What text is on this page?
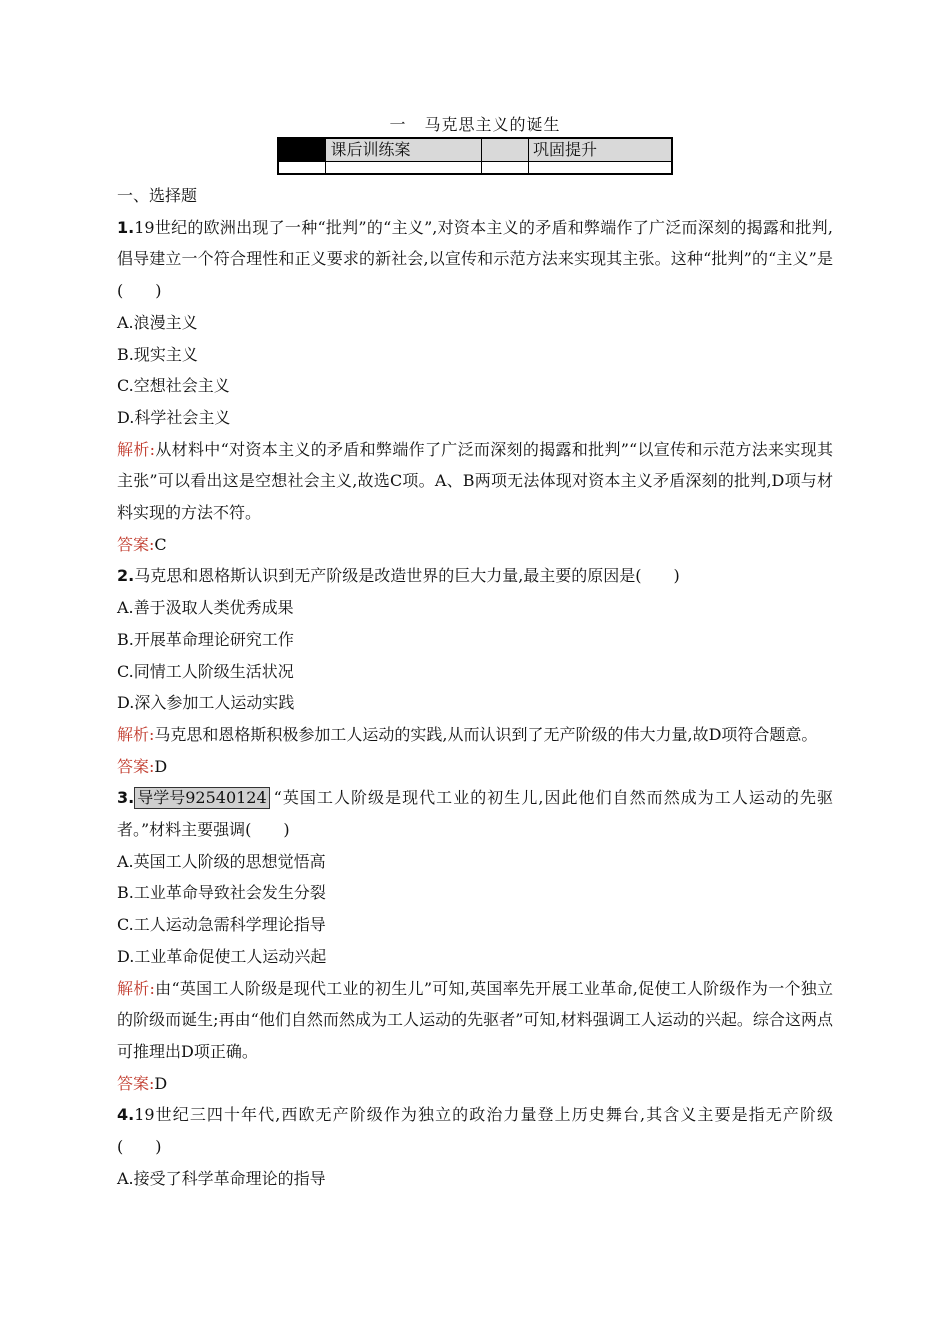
一 马克思主义的诞生
	课后训练案		巩固提升

一、选择题

1.19世纪的欧洲出现了一种“批判”的“主义”,对资本主义的矛盾和弊端作了广泛而深刻的揭露和批判,倡导建立一个符合理性和正义要求的新社会,以宣传和示范方法来实现其主张。这种“批判”的“主义”是(　　)

A.浪漫主义

B.现实主义

C.空想社会主义

D.科学社会主义

解析:从材料中“对资本主义的矛盾和弊端作了广泛而深刻的揭露和批判”“以宣传和示范方法来实现其主张”可以看出这是空想社会主义,故选C项。A、B两项无法体现对资本主义矛盾深刻的批判,D项与材料实现的方法不符。

答案:C

2.马克思和恩格斯认识到无产阶级是改造世界的巨大力量,最主要的原因是(　　)

A.善于汲取人类优秀成果

B.开展革命理论研究工作

C.同情工人阶级生活状况

D.深入参加工人运动实践

解析:马克思和恩格斯积极参加工人运动的实践,从而认识到了无产阶级的伟大力量,故D项符合题意。

答案:D

3. 导学号92540124 “英国工人阶级是现代工业的初生儿,因此他们自然而然成为工人运动的先驱者。”材料主要强调(　　)

A.英国工人阶级的思想觉悟高

B.工业革命导致社会发生分裂

C.工人运动急需科学理论指导

D.工业革命促使工人运动兴起

解析:由“英国工人阶级是现代工业的初生儿”可知,英国率先开展工业革命,促使工人阶级作为一个独立的阶级而诞生;再由“他们自然而然成为工人运动的先驱者”可知,材料强调工人运动的兴起。综合这两点可推理出D项正确。

答案:D

4.19世纪三四十年代,西欧无产阶级作为独立的政治力量登上历史舞台,其含义主要是指无产阶级(　　)

A.接受了科学革命理论的指导
